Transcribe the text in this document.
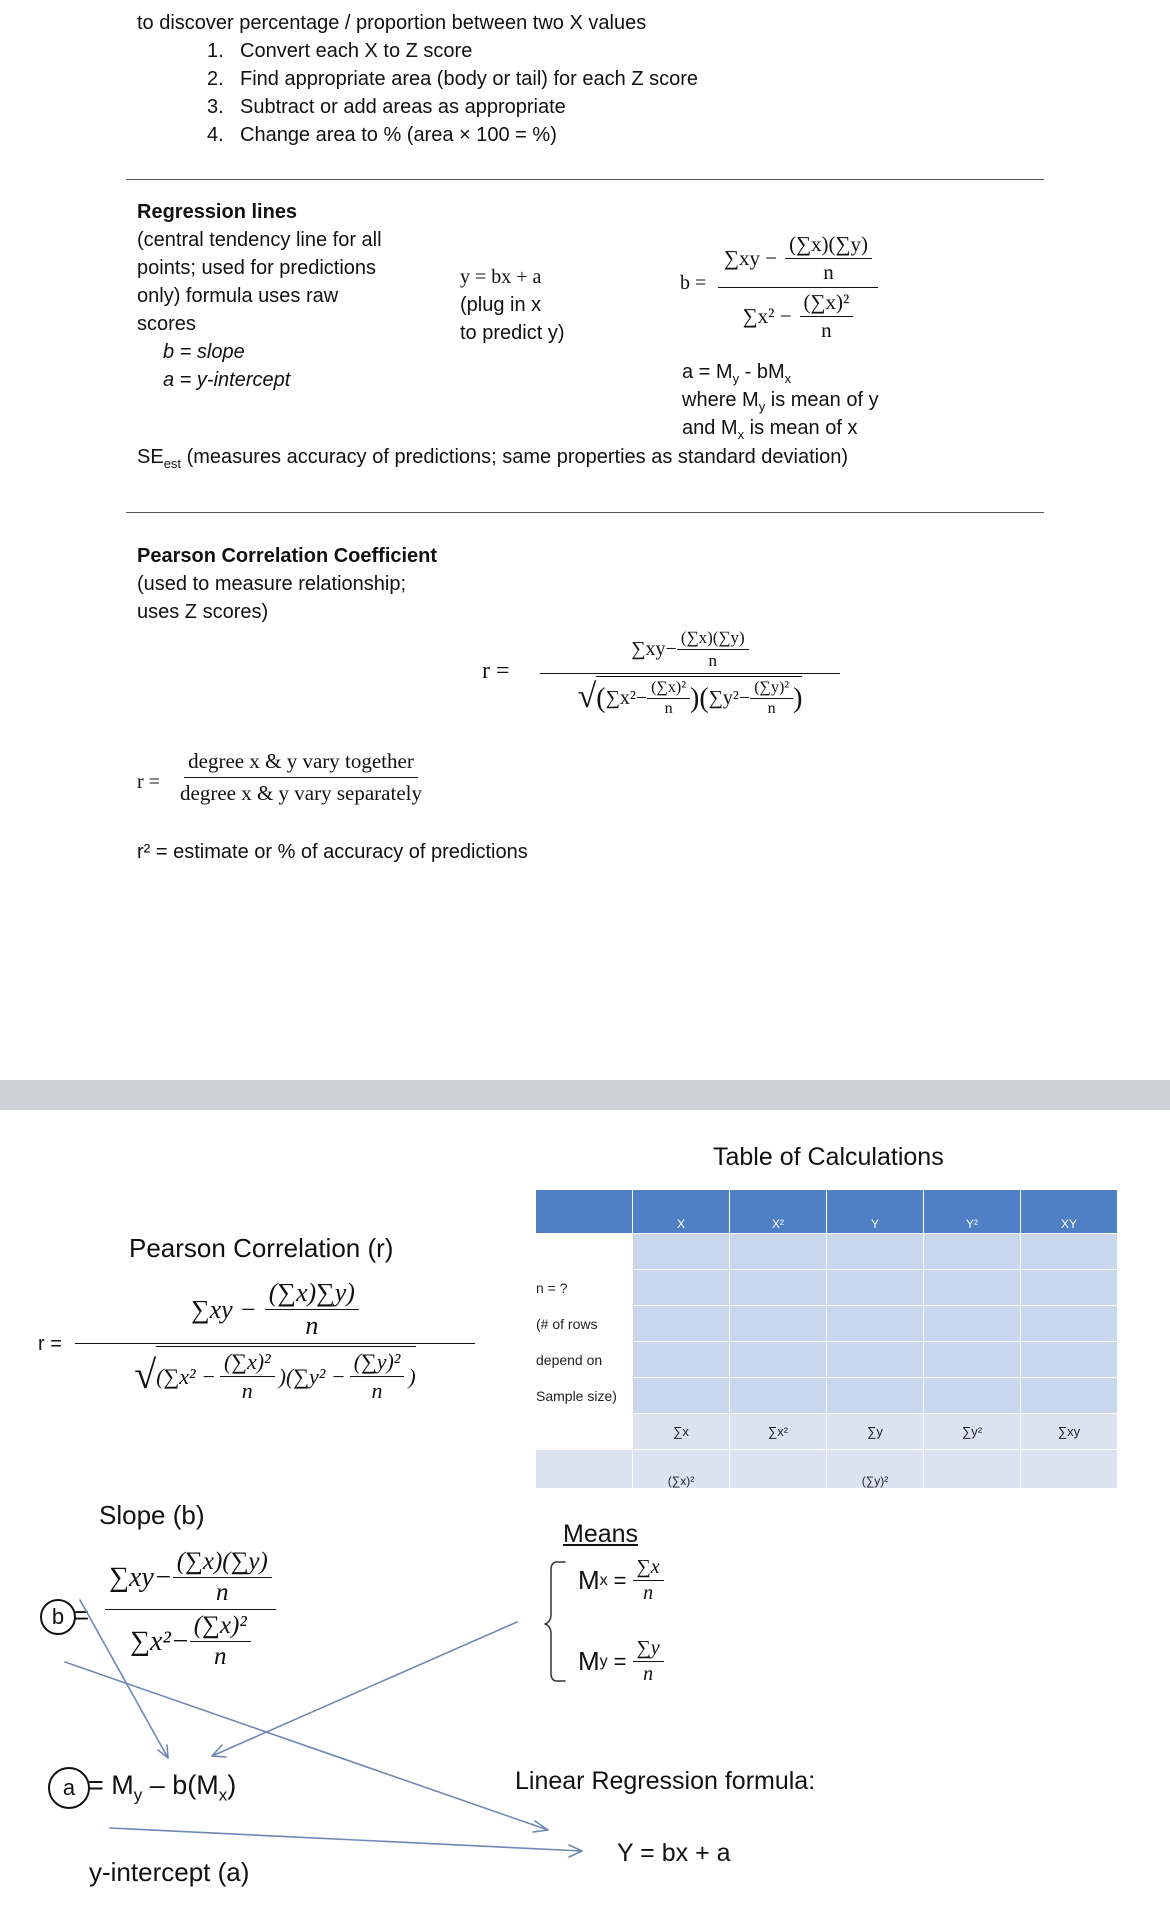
to discover percentage / proportion between two X values
1. Convert each X to Z score
2. Find appropriate area (body or tail) for each Z score
3. Subtract or add areas as appropriate
4. Change area to % (area × 100 = %)
Regression lines
(central tendency line for all
points; used for predictions
only) formula uses raw
scores
b = slope
a = y-intercept
y = bx + a
(plug in x
to predict y)
b =
$\sum xy - \frac{(\sum x)(\sum y)}{n}$
$\sum x^2 - \frac{\text{(∑x)²}}{n}$
$a = M_y - bM_x$
where $M_y$ is mean of y
and $M_x$ is mean of x
$SE_{est}$ (measures accuracy of predictions; same properties as standard deviation)
Pearson Correlation Coefficient
(used to measure relationship;
uses Z scores)
r =
$\sum xy- \frac{(\sum x)(\sum y)}{n}$
√ ( $\sum x^2- \frac{\text{(∑x)²}}{n}$ )( $\sum y^2- \frac{\text{(∑y)²}}{n}$ )
r =
degree x & y vary together
degree x & y vary separately
r² = estimate or % of accuracy of predictions
Pearson Correlation (r)
r =
$\sum xy - \frac{(\sum x)\sum y)}{n}$
√ $(\sum x^2 - \frac{\text{(∑x)²}}{n} )(\sum y^2 - \frac{\text{(∑y)²}}{n}$ )
Slope (b)
b =
$\sum xy- \frac{(\sum x)(\sum y)}{n}$
$\sum x^2- \frac{\text{(∑x)²}}{n}$
$a = M_y - b(M_x)$
y-intercept (a)
Table of Calculations
	X	X²	Y	Y²	XY

n = ?					
(# of rows					
depend on					
Sample size)					
	∑x	∑x²	∑y	∑y²	∑xy
	(∑x)²		(∑y)²		
Means
M $x = \frac{\sum x}{n}$
M $y = \frac{\sum y}{n}$
Linear Regression formula:
Y = bx + a
